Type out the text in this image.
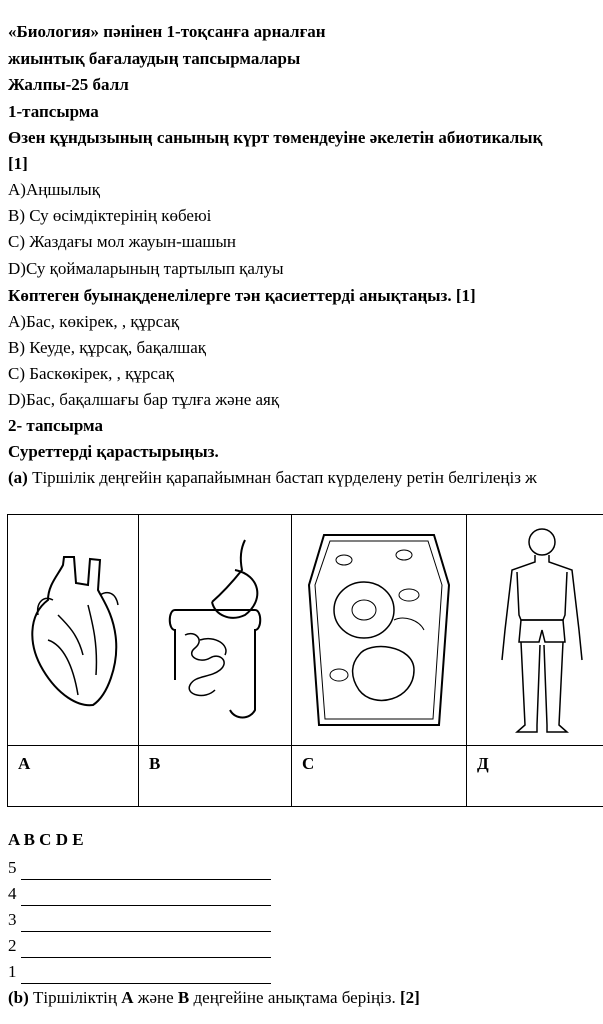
«Биология» пәнінен 1-тоқсанға арналған
жиынтық бағалаудың тапсырмалары
Жалпы-25 балл
1-тапсырма
Өзен құндызының санының күрт төмендеуіне әкелетін абиотикалық
[1]
A)Аңшылық
B) Су өсімдіктерінің көбеюі
C) Жаздағы мол жауын-шашын
D)Су қоймаларының тартылып қалуы
Көптеген буынақденелілерге тән қасиеттерді анықтаңыз. [1]
A)Бас, көкірек, , құрсақ
B) Кеуде, құрсақ, бақалшақ
C) Баскөкірек, , құрсақ
D)Бас, бақалшағы бар тұлға және аяқ
2- тапсырма
Суреттерді қарастырыңыз.
(a) Тіршілік деңгейін қарапайымнан бастап күрделену ретін белгілеңіз ж

A	B	C	Д
A B C D E
5
4
3
2
1
(b) Тіршіліктің A және B деңгейіне анықтама беріңіз. [2]
